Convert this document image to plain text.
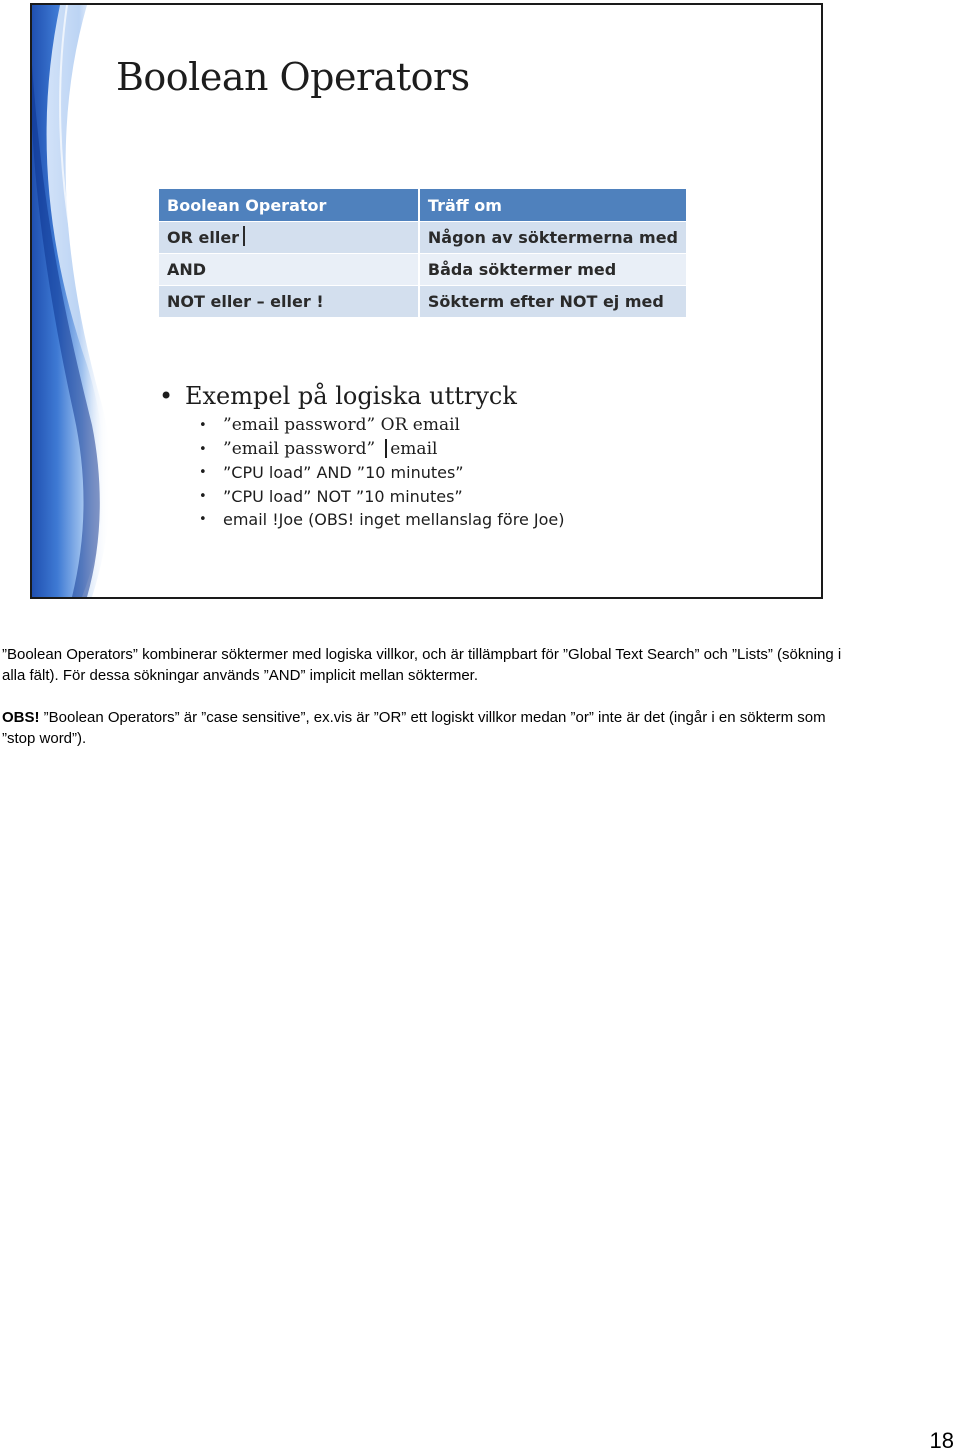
Boolean Operators
Boolean Operator	Träff om
OR eller	Någon av söktermerna med
AND	Båda söktermer med
NOT eller – eller !	Sökterm efter NOT ej med
• Exempel på logiska uttryck
• ”email password” OR email
• ”email password” email
• ”CPU load” AND ”10 minutes”
• ”CPU load” NOT ”10 minutes”
• email !Joe (OBS! inget mellanslag före Joe)

”Boolean Operators” kombinerar söktermer med logiska villkor, och är tillämpbart för ”Global Text Search” och ”Lists” (sökning i alla fält). För dessa sökningar används ”AND” implicit mellan söktermer.

OBS! ”Boolean Operators” är ”case sensitive”, ex.vis är ”OR” ett logiskt villkor medan ”or” inte är det (ingår i en sökterm som ”stop word”).

18
